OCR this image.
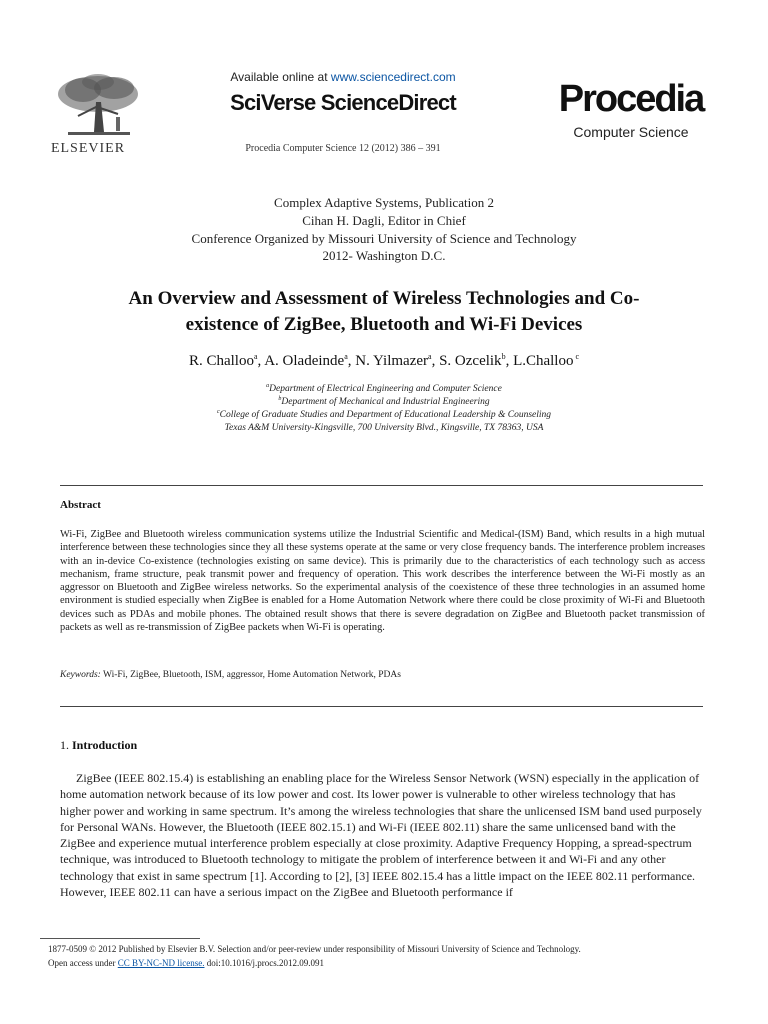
ELSEVIER
Available online at www.sciencedirect.com
SciVerse ScienceDirect
Procedia Computer Science 12 (2012) 386 – 391
Procedia
Computer Science
Complex Adaptive Systems, Publication 2
Cihan H. Dagli, Editor in Chief
Conference Organized by Missouri University of Science and Technology
2012- Washington D.C.
An Overview and Assessment of Wireless Technologies and Co-
existence of ZigBee, Bluetooth and Wi-Fi Devices
R. Challoo$^a$, A. Oladeinde$^a$, N. Yilmazer$^a$, S. Ozcelik$^b$, L.Challoo $^c$
$^a$Department of Electrical Engineering and Computer Science
$^b$Department of Mechanical and Industrial Engineering
$^c$College of Graduate Studies and Department of Educational Leadership & Counseling
Texas A&M University-Kingsville, 700 University Blvd., Kingsville, TX 78363, USA
Abstract

Wi-Fi, ZigBee and Bluetooth wireless communication systems utilize the Industrial Scientific and Medical-(ISM) Band, which results in a high mutual interference between these technologies since they all these systems operate at the same or very close frequency bands. The interference problem increases with an in-device Co-existence (technologies existing on same device). This is primarily due to the characteristics of each technology such as access mechanism, frame structure, peak transmit power and frequency of operation. This work describes the interference between the Wi-Fi mostly as an aggressor on Bluetooth and ZigBee wireless networks. So the experimental analysis of the coexistence of these three technologies in an assumed home environment is studied especially when ZigBee is enabled for a Home Automation Network where there could be close proximity of Wi-Fi and Bluetooth devices such as PDAs and mobile phones. The obtained result shows that there is severe degradation on ZigBee and Bluetooth packet transmission of packets as well as re-transmission of ZigBee packets when Wi-Fi is operating.

Keywords: Wi-Fi, ZigBee, Bluetooth, ISM, aggressor, Home Automation Network, PDAs
1. Introduction

ZigBee (IEEE 802.15.4) is establishing an enabling place for the Wireless Sensor Network (WSN) especially in the application of home automation network because of its low power and cost. Its lower power is vulnerable to other wireless technology that has higher power and working in same spectrum. It’s among the wireless technologies that share the unlicensed ISM band used purposely for Personal WANs. However, the Bluetooth (IEEE 802.15.1) and Wi-Fi (IEEE 802.11) share the same unlicensed band with the ZigBee and experience mutual interference problem especially at close proximity. Adaptive Frequency Hopping, a spread-spectrum technique, was introduced to Bluetooth technology to mitigate the problem of interference between it and Wi-Fi and any other technology that exist in same spectrum [1]. According to [2], [3] IEEE 802.15.4 has a little impact on the IEEE 802.11 performance. However, IEEE 802.11 can have a serious impact on the ZigBee and Bluetooth performance if

1877-0509 © 2012 Published by Elsevier B.V. Selection and/or peer-review under responsibility of Missouri University of Science and Technology.
Open access under CC BY-NC-ND license. doi:10.1016/j.procs.2012.09.091
